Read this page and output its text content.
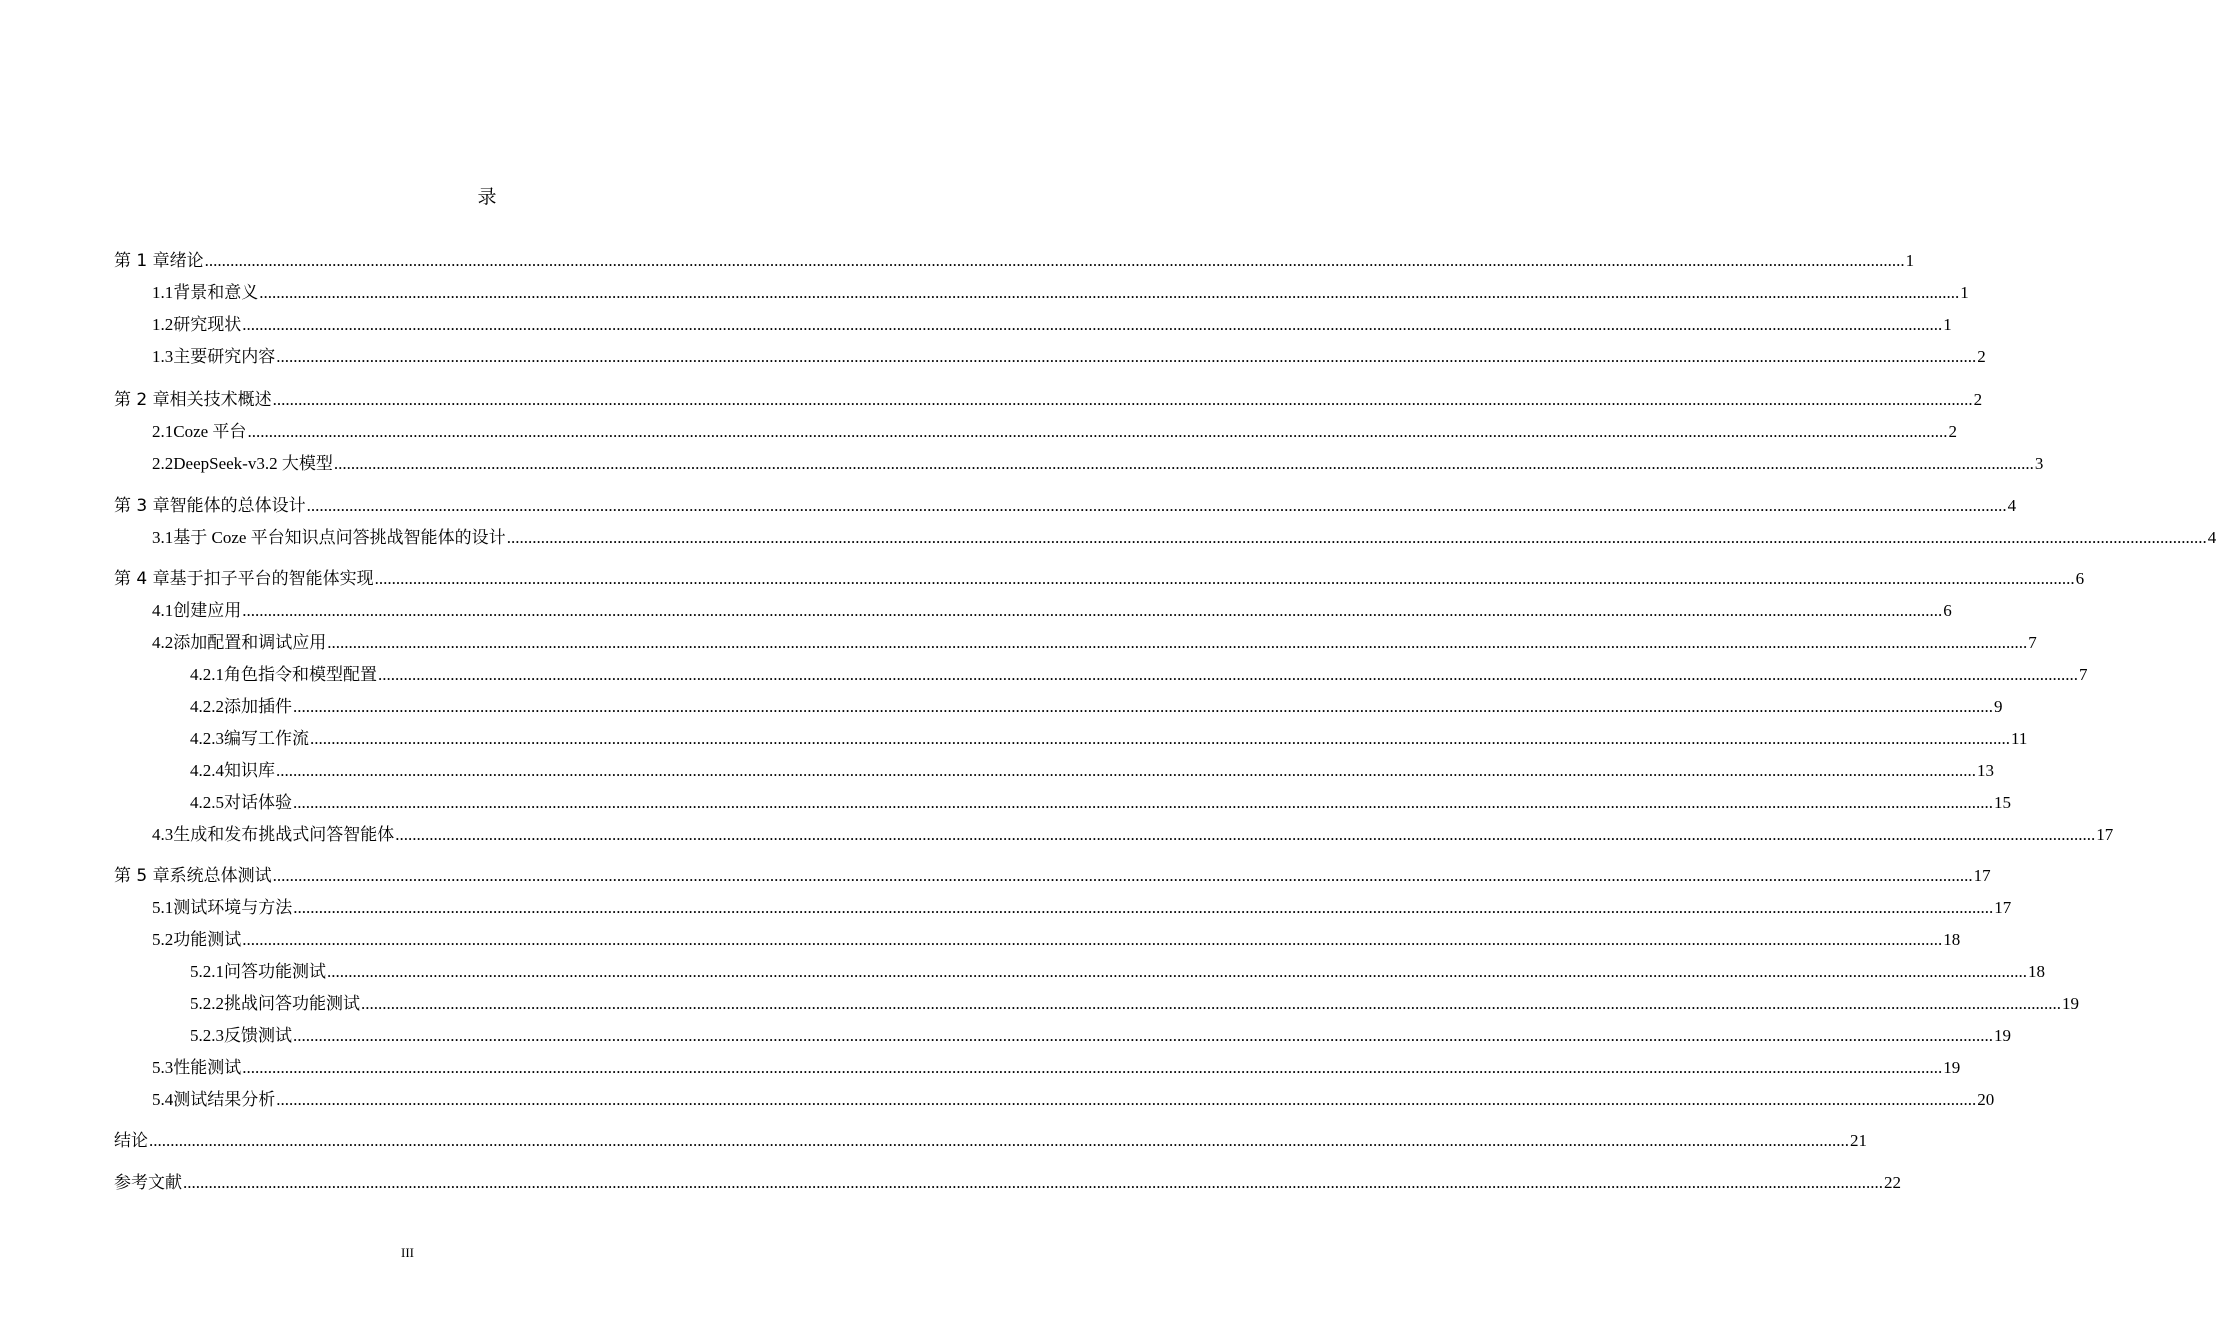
录
第 1 章 绪论 ................................................................................................................................................................................................................................................................................................................................................................................................................ 1
1.1 背景和意义 ................................................................................................................................................................................................................................................................................................................................................................................................................ 1
1.2 研究现状 ................................................................................................................................................................................................................................................................................................................................................................................................................ 1
1.3 主要研究内容 ................................................................................................................................................................................................................................................................................................................................................................................................................ 2
第 2 章 相关技术概述 ................................................................................................................................................................................................................................................................................................................................................................................................................ 2
2.1 Coze 平台 ................................................................................................................................................................................................................................................................................................................................................................................................................ 2
2.2 DeepSeek-v3.2 大模型 ................................................................................................................................................................................................................................................................................................................................................................................................................ 3
第 3 章 智能体的总体设计 ................................................................................................................................................................................................................................................................................................................................................................................................................ 4
3.1 基于 Coze 平台知识点问答挑战智能体的设计 ................................................................................................................................................................................................................................................................................................................................................................................................................ 4
第 4 章 基于扣子平台的智能体实现 ................................................................................................................................................................................................................................................................................................................................................................................................................ 6
4.1 创建应用 ................................................................................................................................................................................................................................................................................................................................................................................................................ 6
4.2 添加配置和调试应用 ................................................................................................................................................................................................................................................................................................................................................................................................................ 7
4.2.1 角色指令和模型配置 ................................................................................................................................................................................................................................................................................................................................................................................................................ 7
4.2.2 添加插件 ................................................................................................................................................................................................................................................................................................................................................................................................................ 9
4.2.3 编写工作流 ................................................................................................................................................................................................................................................................................................................................................................................................................ 11
4.2.4 知识库 ................................................................................................................................................................................................................................................................................................................................................................................................................ 13
4.2.5 对话体验 ................................................................................................................................................................................................................................................................................................................................................................................................................ 15
4.3 生成和发布挑战式问答智能体 ................................................................................................................................................................................................................................................................................................................................................................................................................ 17
第 5 章 系统总体测试 ................................................................................................................................................................................................................................................................................................................................................................................................................ 17
5.1 测试环境与方法 ................................................................................................................................................................................................................................................................................................................................................................................................................ 17
5.2 功能测试 ................................................................................................................................................................................................................................................................................................................................................................................................................ 18
5.2.1 问答功能测试 ................................................................................................................................................................................................................................................................................................................................................................................................................ 18
5.2.2 挑战问答功能测试 ................................................................................................................................................................................................................................................................................................................................................................................................................ 19
5.2.3 反馈测试 ................................................................................................................................................................................................................................................................................................................................................................................................................ 19
5.3 性能测试 ................................................................................................................................................................................................................................................................................................................................................................................................................ 19
5.4 测试结果分析 ................................................................................................................................................................................................................................................................................................................................................................................................................ 20
结论 ................................................................................................................................................................................................................................................................................................................................................................................................................ 21
参考文献 ................................................................................................................................................................................................................................................................................................................................................................................................................ 22
III
